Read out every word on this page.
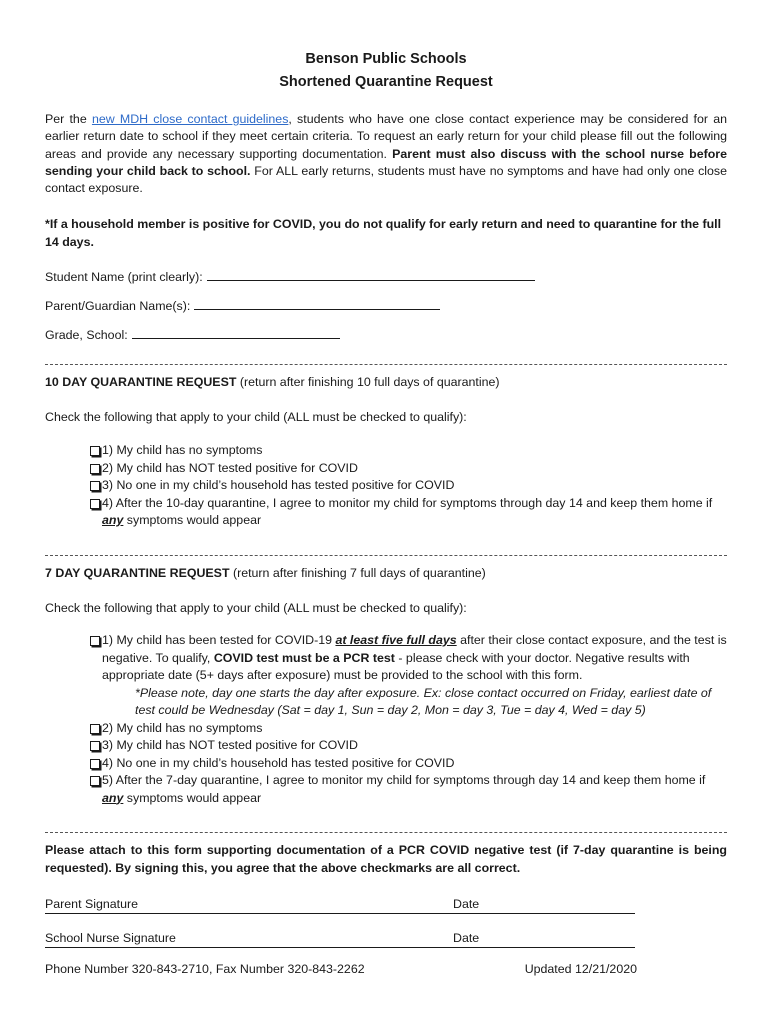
Benson Public Schools
Shortened Quarantine Request
Per the new MDH close contact guidelines, students who have one close contact experience may be considered for an earlier return date to school if they meet certain criteria. To request an early return for your child please fill out the following areas and provide any necessary supporting documentation. Parent must also discuss with the school nurse before sending your child back to school. For ALL early returns, students must have no symptoms and have had only one close contact exposure.
*If a household member is positive for COVID, you do not qualify for early return and need to quarantine for the full 14 days.
Student Name (print clearly):
Parent/Guardian Name(s):
Grade, School:
10 DAY QUARANTINE REQUEST (return after finishing 10 full days of quarantine)
Check the following that apply to your child (ALL must be checked to qualify):
1) My child has no symptoms
2) My child has NOT tested positive for COVID
3) No one in my child’s household has tested positive for COVID
4) After the 10-day quarantine, I agree to monitor my child for symptoms through day 14 and keep them home if any symptoms would appear
7 DAY QUARANTINE REQUEST (return after finishing 7 full days of quarantine)
Check the following that apply to your child (ALL must be checked to qualify):
1) My child has been tested for COVID-19 at least five full days after their close contact exposure, and the test is negative. To qualify, COVID test must be a PCR test - please check with your doctor. Negative results with appropriate date (5+ days after exposure) must be provided to the school with this form.
*Please note, day one starts the day after exposure. Ex: close contact occurred on Friday, earliest date of test could be Wednesday (Sat = day 1, Sun = day 2, Mon = day 3, Tue = day 4, Wed = day 5)
2) My child has no symptoms
3) My child has NOT tested positive for COVID
4) No one in my child’s household has tested positive for COVID
5) After the 7-day quarantine, I agree to monitor my child for symptoms through day 14 and keep them home if any symptoms would appear
Please attach to this form supporting documentation of a PCR COVID negative test (if 7-day quarantine is being requested). By signing this, you agree that the above checkmarks are all correct.
Parent Signature	Date
School Nurse Signature	Date
Phone Number 320-843-2710, Fax Number 320-843-2262	Updated 12/21/2020
